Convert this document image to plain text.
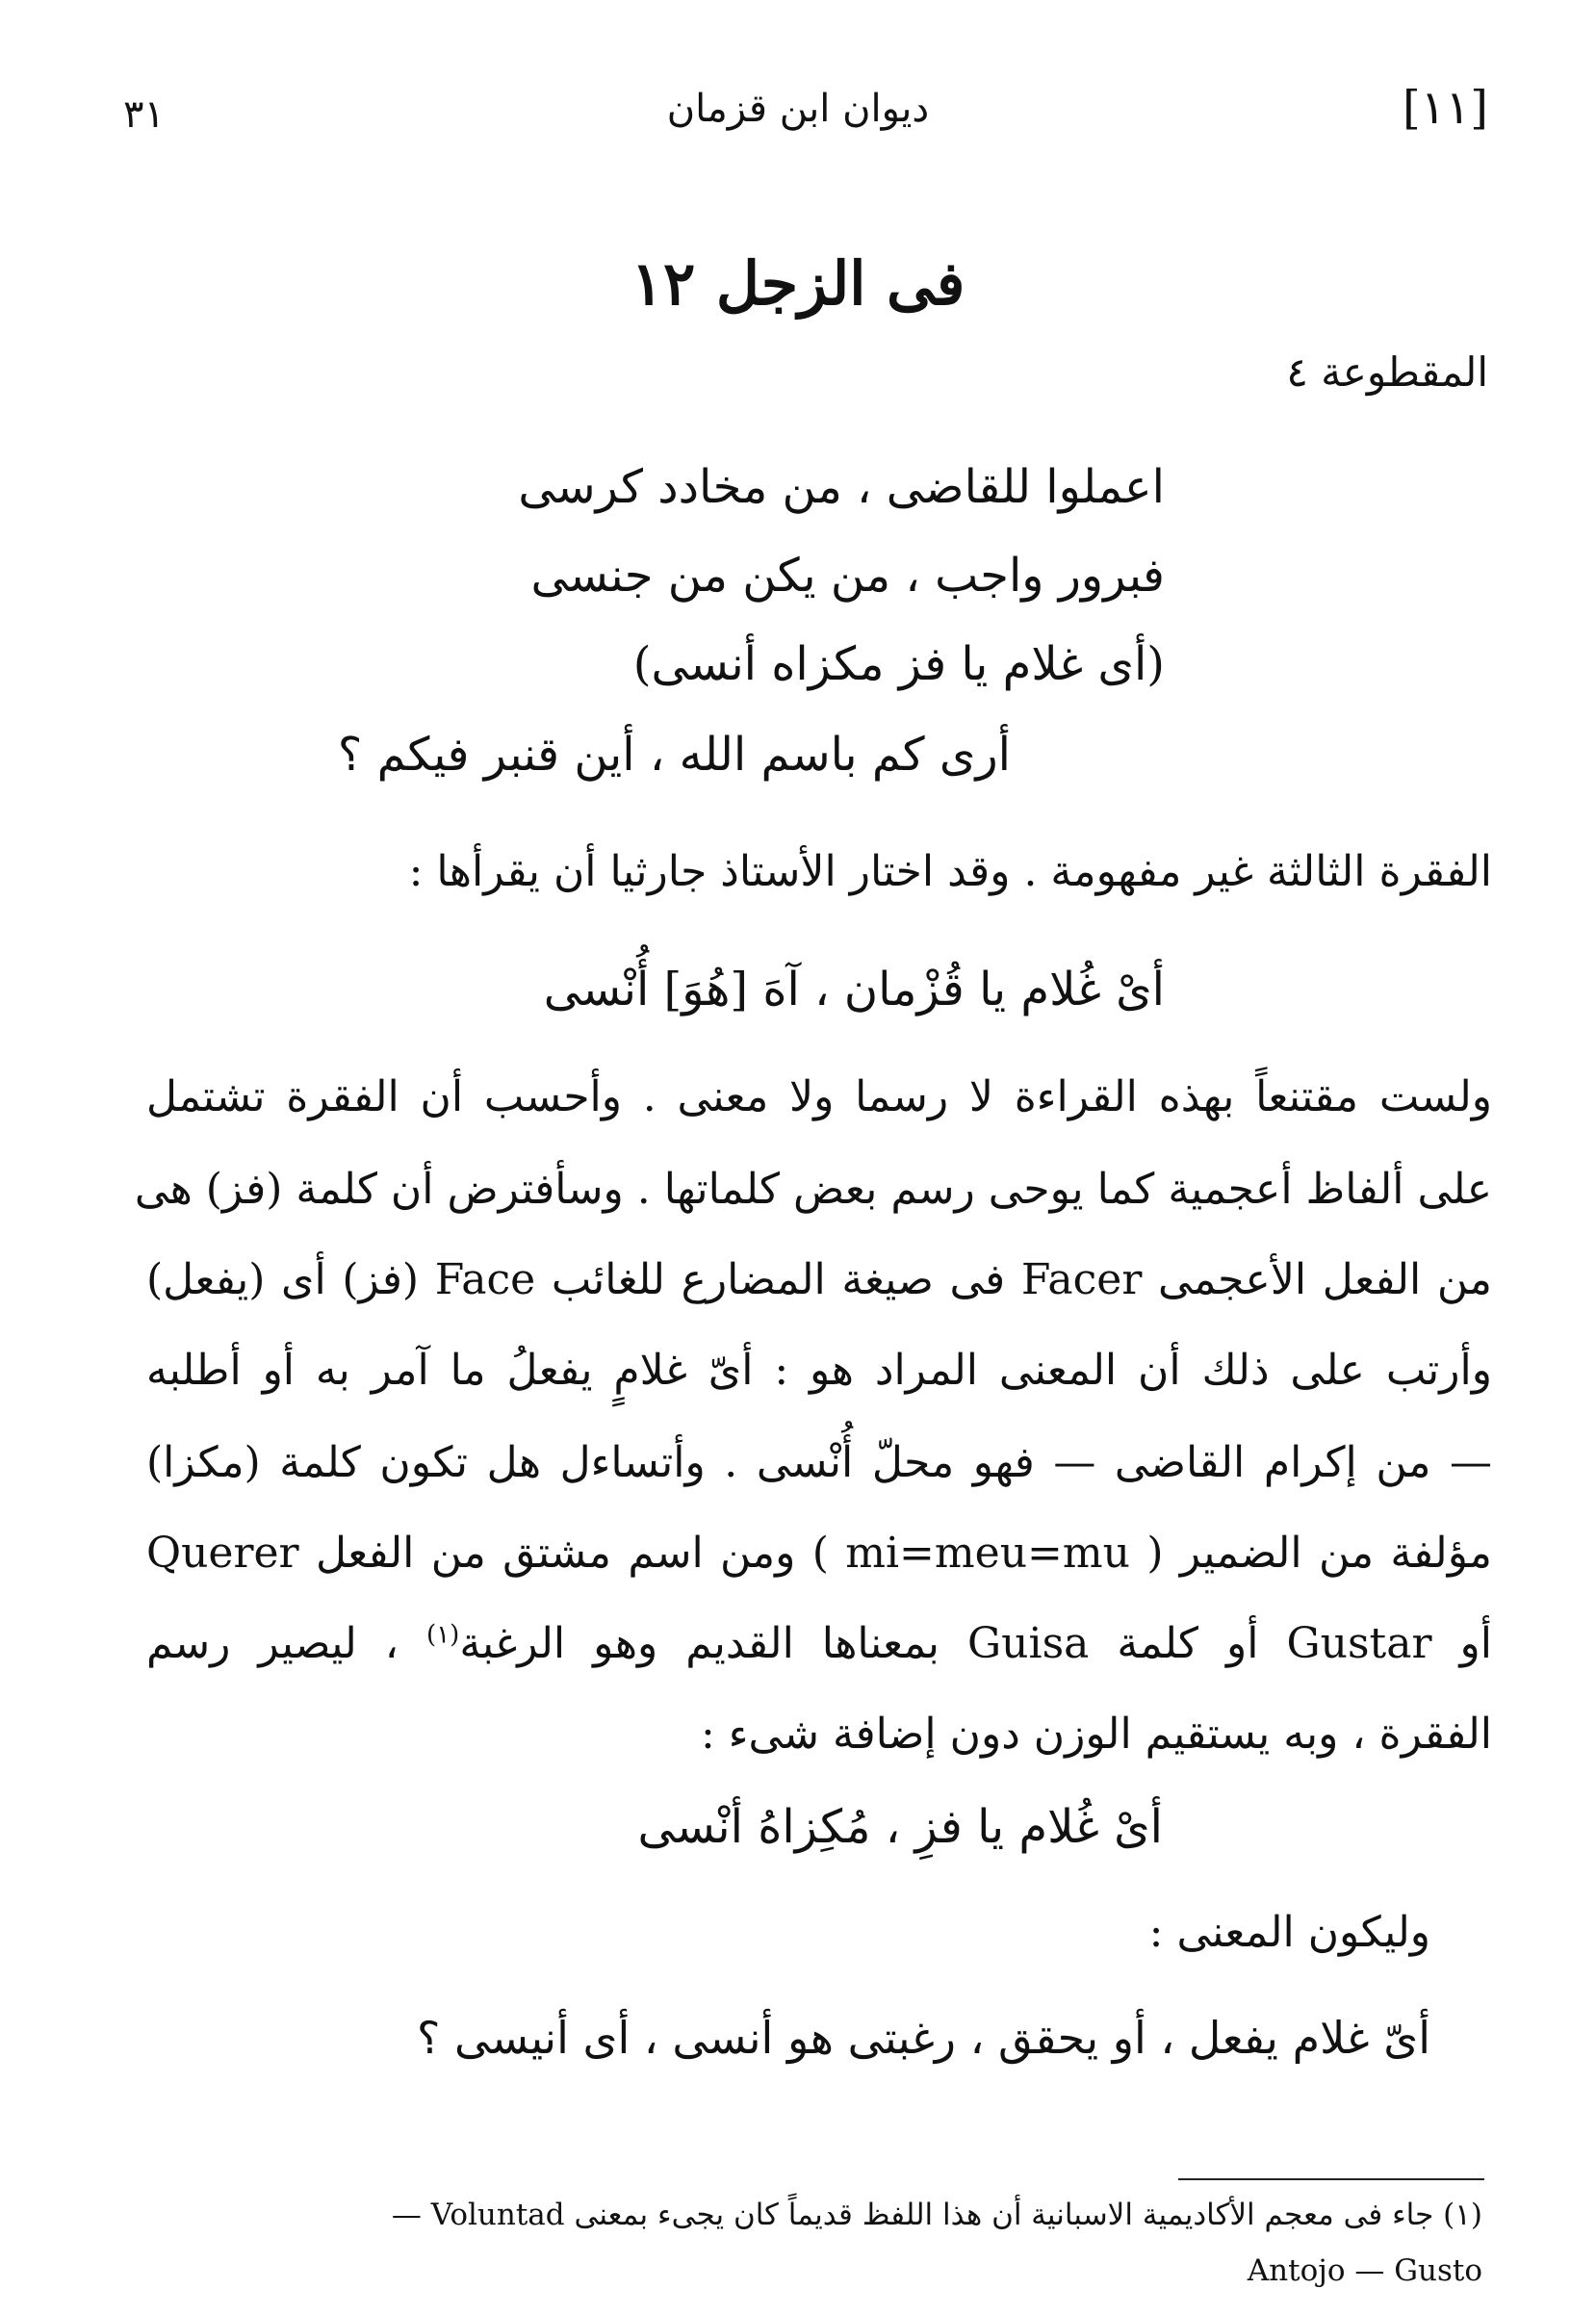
٣١	ديوان ابن قزمان	[١١]
فى الزجل ١٢
المقطوعة ٤
اعملوا للقاضى ، من مخادد كرسى
فبرور واجب ، من يكن من جنسى
(أى غلام يا فز مكزاه أنسى)
أرى كم باسم الله ، أين قنبر فيكم ؟
الفقرة الثالثة غير مفهومة . وقد اختار الأستاذ جارثيا أن يقرأها :
أىْ غُلام يا قُزْمان ، آهَ [هُوَ] أُنْسى
ولست مقتنعاً بهذه القراءة لا رسما ولا معنى . وأحسب أن الفقرة تشتمل
على ألفاظ أعجمية كما يوحى رسم بعض كلماتها . وسأفترض أن كلمة (فز) هى
من الفعل الأعجمى Facer فى صيغة المضارع للغائب Face (فز) أى (يفعل)
وأرتب على ذلك أن المعنى المراد هو : أىّ غلامٍ يفعلُ ما آمر به أو أطلبه
— من إكرام القاضى — فهو محلّ أُنْسى . وأتساءل هل تكون كلمة (مكزا)
مؤلفة من الضمير ( mi=meu=mu ) ومن اسم مشتق من الفعل Querer
أو Gustar أو كلمة Guisa بمعناها القديم وهو الرغبة$^{(١)}$ ، ليصير رسم
الفقرة ، وبه يستقيم الوزن دون إضافة شىء :
أىْ غُلام يا فزِ ، مُكِزاهُ أنْسى
وليكون المعنى :
أىّ غلام يفعل ، أو يحقق ، رغبتى هو أنسى ، أى أنيسى ؟
(١) جاء فى معجم الأكاديمية الاسبانية أن هذا اللفظ قديماً كان يجىء بمعنى Voluntad —
Antojo — Gusto
